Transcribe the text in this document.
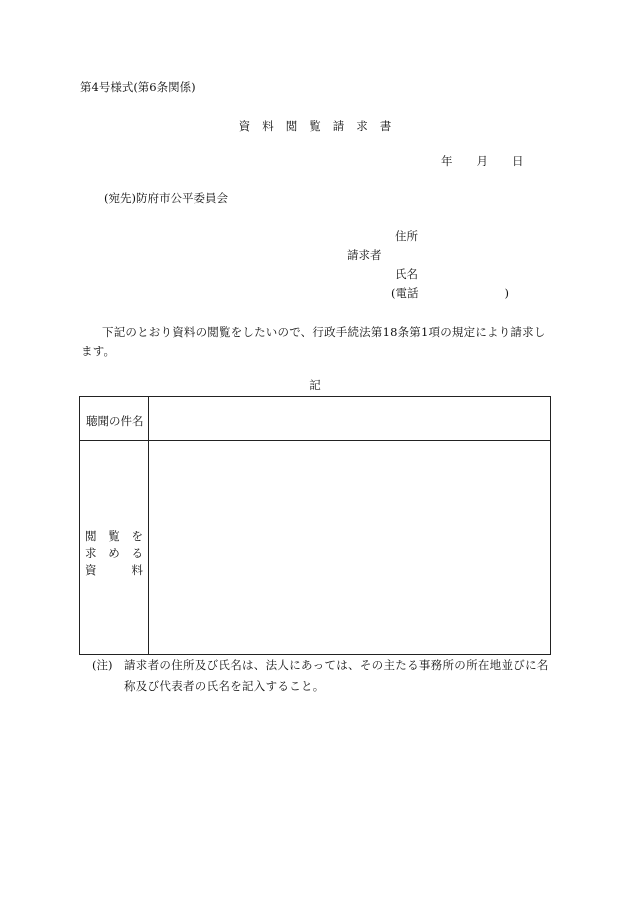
第4号様式(第6条関係)
資料閲覧請求書
年 月 日
(宛先)防府市公平委員会
住所
請求者
氏名
(電話	)
下記のとおり資料の閲覧をしたいので、行政手続法第18条第1項の規定により請求します。
記
聴聞の件名
閲 覧 を
求 め る
資	料
(注) 請求者の住所及び氏名は、法人にあっては、その主たる事務所の所在地並びに名
称及び代表者の氏名を記入すること。
